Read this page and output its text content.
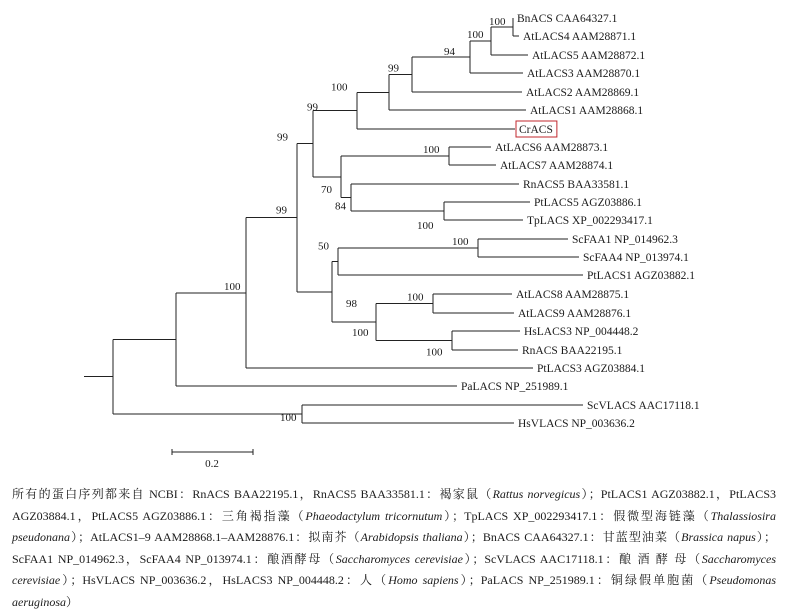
BnACS CAA64327.1
AtLACS4 AAM28871.1
AtLACS5 AAM28872.1
AtLACS3 AAM28870.1
AtLACS2 AAM28869.1
AtLACS1 AAM28868.1
CrACS
AtLACS6 AAM28873.1
AtLACS7 AAM28874.1
RnACS5 BAA33581.1
PtLACS5 AGZ03886.1
TpLACS XP_002293417.1
ScFAA1 NP_014962.3
ScFAA4 NP_013974.1
PtLACS1 AGZ03882.1
AtLACS8 AAM28875.1
AtLACS9 AAM28876.1
HsLACS3 NP_004448.2
RnACS BAA22195.1
PtLACS3 AGZ03884.1
PaLACS NP_251989.1
ScVLACS AAC17118.1
HsVLACS NP_003636.2
100
100
94
99
100
99
100
70
84
100
99
100
50
100
100
100
98
99
100
100
0.2
所有的蛋白序列都来自 NCBI：RnACS BAA22195.1，RnACS5 BAA33581.1：褐家鼠（Rattus norvegicus）；PtLACS1 AGZ03882.1，PtLACS3 AGZ03884.1，PtLACS5 AGZ03886.1：三角褐指藻（Phaeodactylum tricornutum）；TpLACS XP_002293417.1：假微型海链藻（Thalassiosira pseudonana）；AtLACS1–9 AAM28868.1–AAM28876.1：拟南芥（Arabidopsis thaliana）；BnACS CAA64327.1：甘蓝型油菜（Brassica napus）；ScFAA1 NP_014962.3，ScFAA4 NP_013974.1：酿酒酵母（Saccharomyces cerevisiae）；ScVLACS AAC17118.1：酿 酒 酵 母（Saccharomyces cerevisiae）；HsVLACS NP_003636.2，HsLACS3 NP_004448.2：人（Homo sapiens）；PaLACS NP_251989.1：铜绿假单胞菌（Pseudomonas aeruginosa）
